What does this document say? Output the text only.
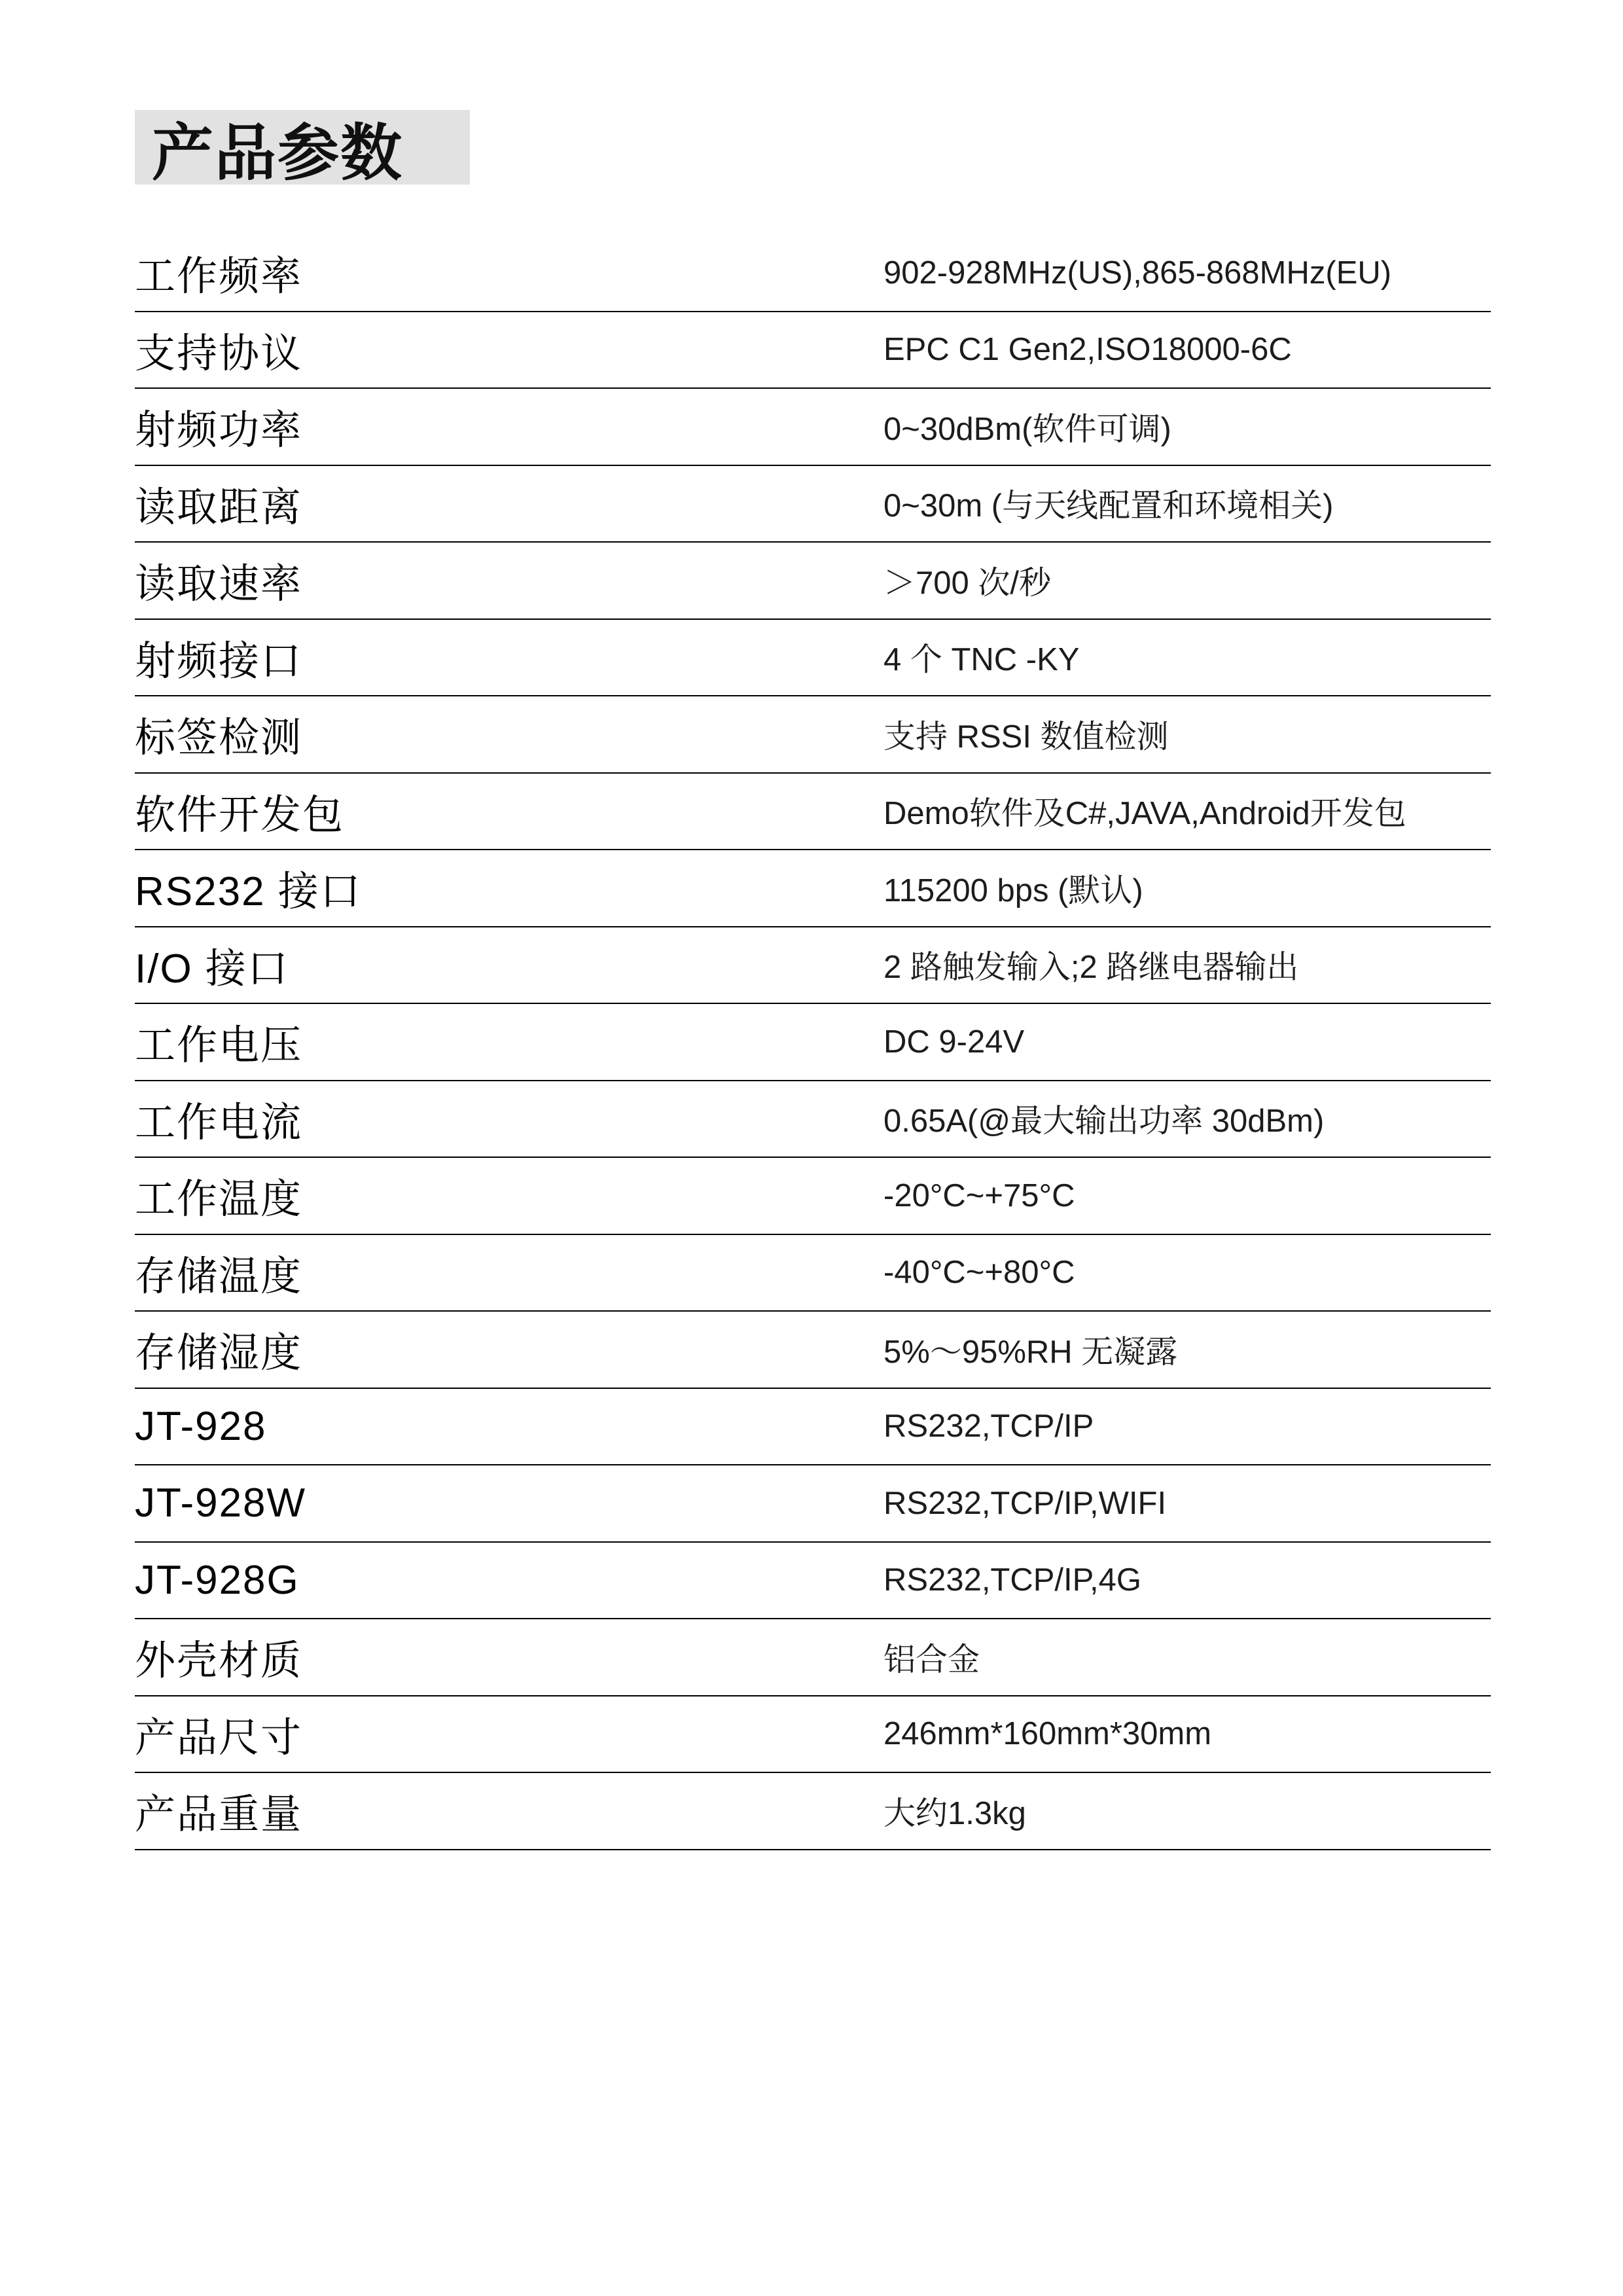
产品参数
工作频率	902-928MHz(US),865-868MHz(EU)
支持协议	EPC C1 Gen2,ISO18000-6C
射频功率	0~30dBm(软件可调)
读取距离	0~30m (与天线配置和环境相关)
读取速率	＞700 次/秒
射频接口	4 个 TNC -KY
标签检测	支持 RSSI 数值检测
软件开发包	Demo软件及C#,JAVA,Android开发包
RS232 接口	115200 bps (默认)
I/O 接口	2 路触发输入;2 路继电器输出
工作电压	DC 9-24V
工作电流	0.65A(@最大输出功率 30dBm)
工作温度	-20°C~+75°C
存储温度	-40°C~+80°C
存储湿度	5%～95%RH 无凝露
JT-928	RS232,TCP/IP
JT-928W	RS232,TCP/IP,WIFI
JT-928G	RS232,TCP/IP,4G
外壳材质	铝合金
产品尺寸	246mm*160mm*30mm
产品重量	大约1.3kg
